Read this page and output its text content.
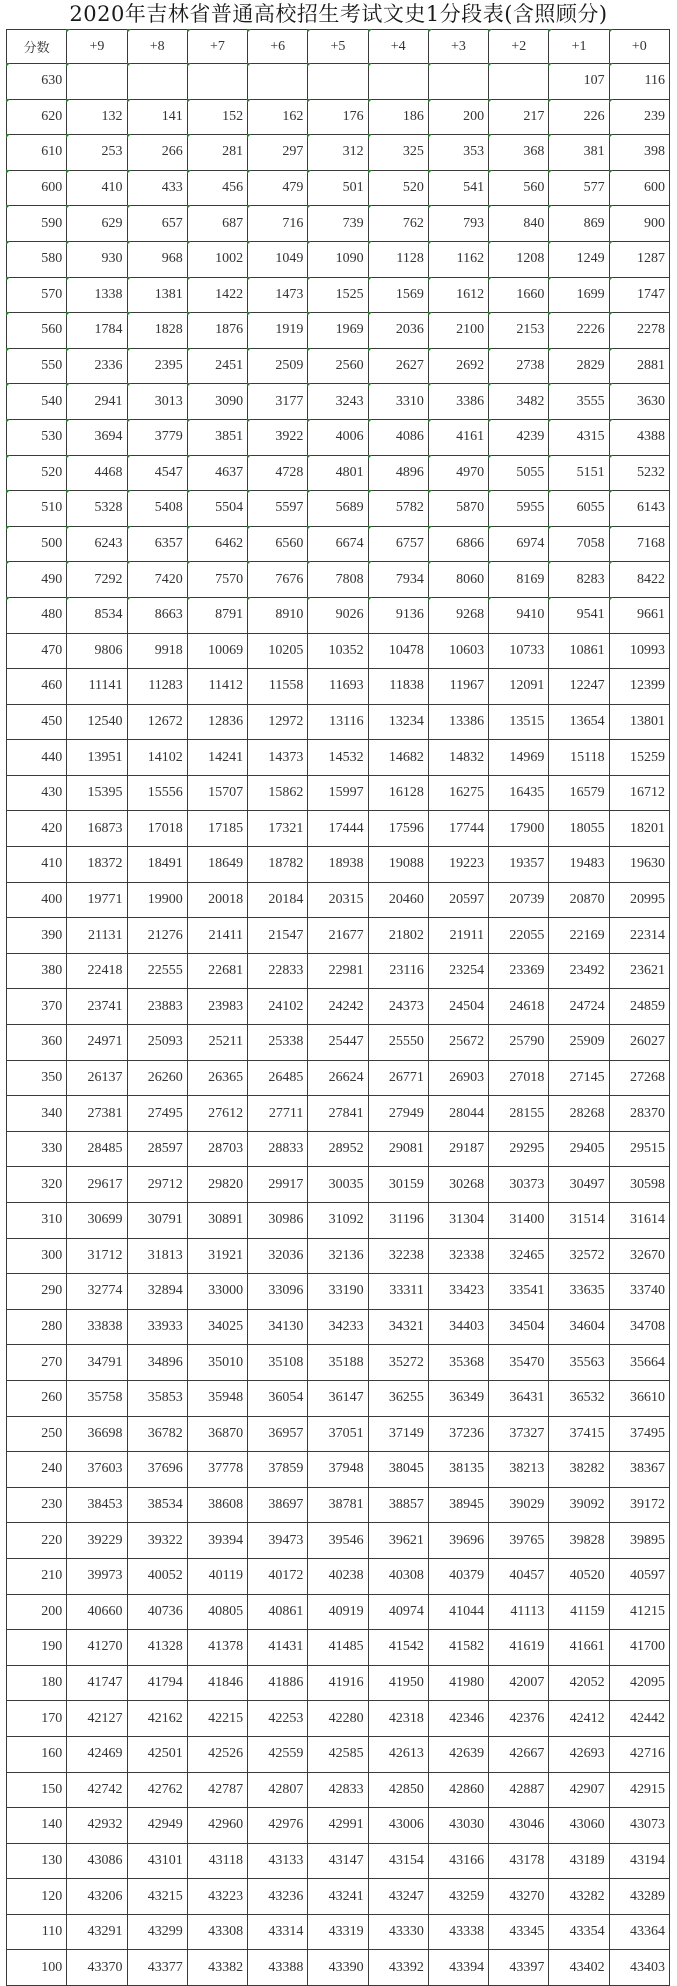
2020年吉林省普通高校招生考试文史1分段表(含照顾分)
分数	+9	+8	+7	+6	+5	+4	+3	+2	+1	+0
630									107	116
620	132	141	152	162	176	186	200	217	226	239
610	253	266	281	297	312	325	353	368	381	398
600	410	433	456	479	501	520	541	560	577	600
590	629	657	687	716	739	762	793	840	869	900
580	930	968	1002	1049	1090	1128	1162	1208	1249	1287
570	1338	1381	1422	1473	1525	1569	1612	1660	1699	1747
560	1784	1828	1876	1919	1969	2036	2100	2153	2226	2278
550	2336	2395	2451	2509	2560	2627	2692	2738	2829	2881
540	2941	3013	3090	3177	3243	3310	3386	3482	3555	3630
530	3694	3779	3851	3922	4006	4086	4161	4239	4315	4388
520	4468	4547	4637	4728	4801	4896	4970	5055	5151	5232
510	5328	5408	5504	5597	5689	5782	5870	5955	6055	6143
500	6243	6357	6462	6560	6674	6757	6866	6974	7058	7168
490	7292	7420	7570	7676	7808	7934	8060	8169	8283	8422
480	8534	8663	8791	8910	9026	9136	9268	9410	9541	9661
470	9806	9918	10069	10205	10352	10478	10603	10733	10861	10993
460	11141	11283	11412	11558	11693	11838	11967	12091	12247	12399
450	12540	12672	12836	12972	13116	13234	13386	13515	13654	13801
440	13951	14102	14241	14373	14532	14682	14832	14969	15118	15259
430	15395	15556	15707	15862	15997	16128	16275	16435	16579	16712
420	16873	17018	17185	17321	17444	17596	17744	17900	18055	18201
410	18372	18491	18649	18782	18938	19088	19223	19357	19483	19630
400	19771	19900	20018	20184	20315	20460	20597	20739	20870	20995
390	21131	21276	21411	21547	21677	21802	21911	22055	22169	22314
380	22418	22555	22681	22833	22981	23116	23254	23369	23492	23621
370	23741	23883	23983	24102	24242	24373	24504	24618	24724	24859
360	24971	25093	25211	25338	25447	25550	25672	25790	25909	26027
350	26137	26260	26365	26485	26624	26771	26903	27018	27145	27268
340	27381	27495	27612	27711	27841	27949	28044	28155	28268	28370
330	28485	28597	28703	28833	28952	29081	29187	29295	29405	29515
320	29617	29712	29820	29917	30035	30159	30268	30373	30497	30598
310	30699	30791	30891	30986	31092	31196	31304	31400	31514	31614
300	31712	31813	31921	32036	32136	32238	32338	32465	32572	32670
290	32774	32894	33000	33096	33190	33311	33423	33541	33635	33740
280	33838	33933	34025	34130	34233	34321	34403	34504	34604	34708
270	34791	34896	35010	35108	35188	35272	35368	35470	35563	35664
260	35758	35853	35948	36054	36147	36255	36349	36431	36532	36610
250	36698	36782	36870	36957	37051	37149	37236	37327	37415	37495
240	37603	37696	37778	37859	37948	38045	38135	38213	38282	38367
230	38453	38534	38608	38697	38781	38857	38945	39029	39092	39172
220	39229	39322	39394	39473	39546	39621	39696	39765	39828	39895
210	39973	40052	40119	40172	40238	40308	40379	40457	40520	40597
200	40660	40736	40805	40861	40919	40974	41044	41113	41159	41215
190	41270	41328	41378	41431	41485	41542	41582	41619	41661	41700
180	41747	41794	41846	41886	41916	41950	41980	42007	42052	42095
170	42127	42162	42215	42253	42280	42318	42346	42376	42412	42442
160	42469	42501	42526	42559	42585	42613	42639	42667	42693	42716
150	42742	42762	42787	42807	42833	42850	42860	42887	42907	42915
140	42932	42949	42960	42976	42991	43006	43030	43046	43060	43073
130	43086	43101	43118	43133	43147	43154	43166	43178	43189	43194
120	43206	43215	43223	43236	43241	43247	43259	43270	43282	43289
110	43291	43299	43308	43314	43319	43330	43338	43345	43354	43364
100	43370	43377	43382	43388	43390	43392	43394	43397	43402	43403
